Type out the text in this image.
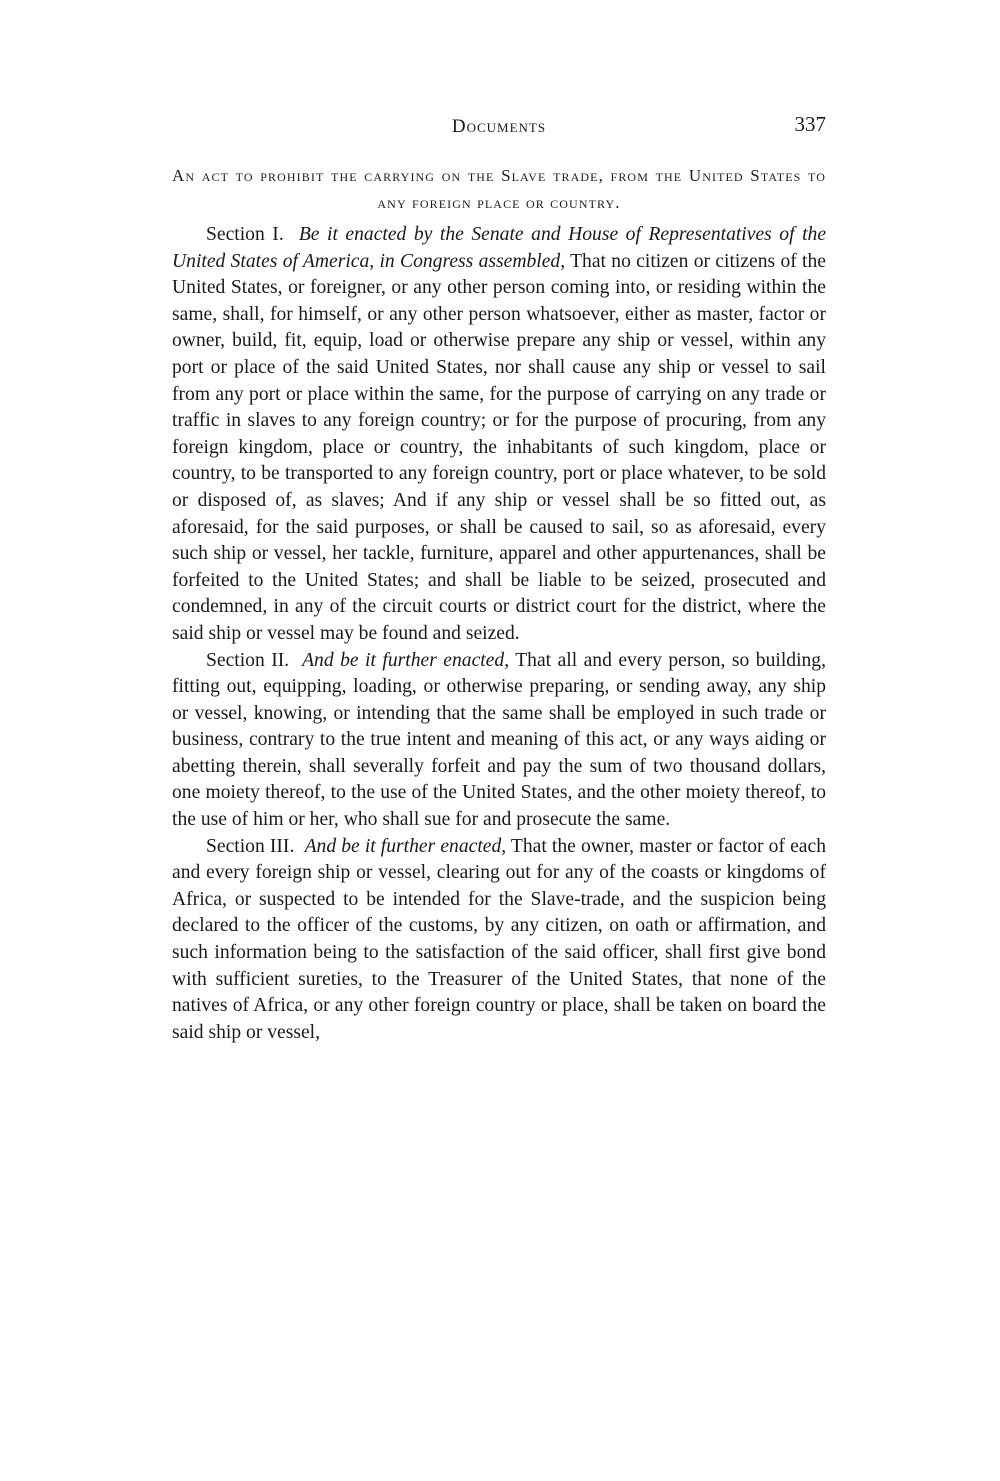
Documents	337
An act to prohibit the carrying on the Slave trade, from the United States to any foreign place or country.

Section I. Be it enacted by the Senate and House of Representatives of the United States of America, in Congress assembled, That no citizen or citizens of the United States, or foreigner, or any other person coming into, or residing within the same, shall, for himself, or any other person whatsoever, either as master, factor or owner, build, fit, equip, load or otherwise prepare any ship or vessel, within any port or place of the said United States, nor shall cause any ship or vessel to sail from any port or place within the same, for the purpose of carrying on any trade or traffic in slaves to any foreign country; or for the purpose of procuring, from any foreign kingdom, place or country, the inhabitants of such kingdom, place or country, to be transported to any foreign country, port or place whatever, to be sold or disposed of, as slaves; And if any ship or vessel shall be so fitted out, as aforesaid, for the said purposes, or shall be caused to sail, so as aforesaid, every such ship or vessel, her tackle, furniture, apparel and other appurtenances, shall be forfeited to the United States; and shall be liable to be seized, prosecuted and condemned, in any of the circuit courts or district court for the district, where the said ship or vessel may be found and seized.

Section II. And be it further enacted, That all and every person, so building, fitting out, equipping, loading, or otherwise preparing, or sending away, any ship or vessel, knowing, or intending that the same shall be employed in such trade or business, contrary to the true intent and meaning of this act, or any ways aiding or abetting therein, shall severally forfeit and pay the sum of two thousand dollars, one moiety thereof, to the use of the United States, and the other moiety thereof, to the use of him or her, who shall sue for and prosecute the same.

Section III. And be it further enacted, That the owner, master or factor of each and every foreign ship or vessel, clearing out for any of the coasts or kingdoms of Africa, or suspected to be intended for the Slave-trade, and the suspicion being declared to the officer of the customs, by any citizen, on oath or affirmation, and such information being to the satisfaction of the said officer, shall first give bond with sufficient sureties, to the Treasurer of the United States, that none of the natives of Africa, or any other foreign country or place, shall be taken on board the said ship or vessel,
